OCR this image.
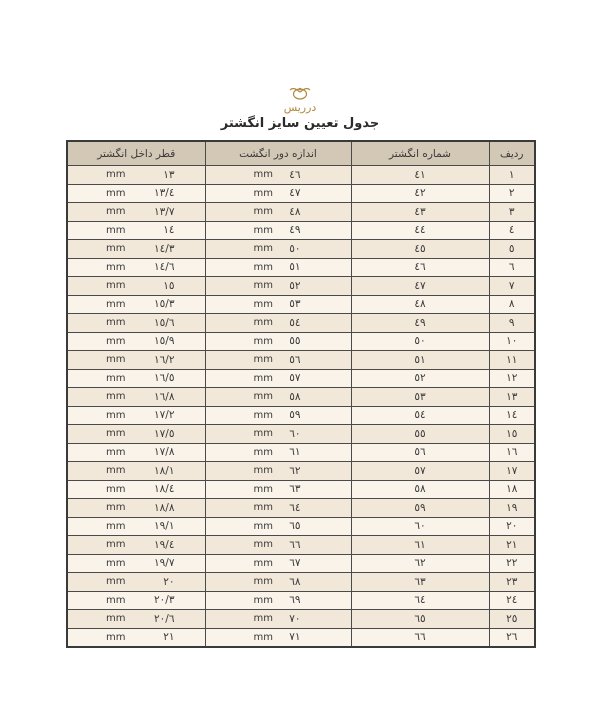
درریس
جدول تعیین سایز انگشتر
ردیف	شماره انگشتر	اندازه دور انگشت	قطر داخل انگشتر
١	٤١	mm ٤٦	mm ١٣

٢	٤٢	mm ٤٧	mm ١٣/٤

٣	٤٣	mm ٤٨	mm ١٣/٧

٤	٤٤	mm ٤٩	mm ١٤

٥	٤٥	mm ٥٠	mm ١٤/٣

٦	٤٦	mm ٥١	mm ١٤/٦

٧	٤٧	mm ٥٢	mm ١٥

٨	٤٨	mm ٥٣	mm ١٥/٣

٩	٤٩	mm ٥٤	mm ١٥/٦

١٠	٥٠	mm ٥٥	mm ١٥/٩

١١	٥١	mm ٥٦	mm ١٦/٢

١٢	٥٢	mm ٥٧	mm ١٦/٥

١٣	٥٣	mm ٥٨	mm ١٦/٨

١٤	٥٤	mm ٥٩	mm ١٧/٢

١٥	٥٥	mm ٦٠	mm ١٧/٥

١٦	٥٦	mm ٦١	mm ١٧/٨

١٧	٥٧	mm ٦٢	mm ١٨/١

١٨	٥٨	mm ٦٣	mm ١٨/٤

١٩	٥٩	mm ٦٤	mm ١٨/٨

٢٠	٦٠	mm ٦٥	mm ١٩/١

٢١	٦١	mm ٦٦	mm ١٩/٤

٢٢	٦٢	mm ٦٧	mm ١٩/٧

٢٣	٦٣	mm ٦٨	mm ٢٠

٢٤	٦٤	mm ٦٩	mm ٢٠/٣

٢٥	٦٥	mm ٧٠	mm ٢٠/٦

٢٦	٦٦	mm ٧١	mm ٢١
